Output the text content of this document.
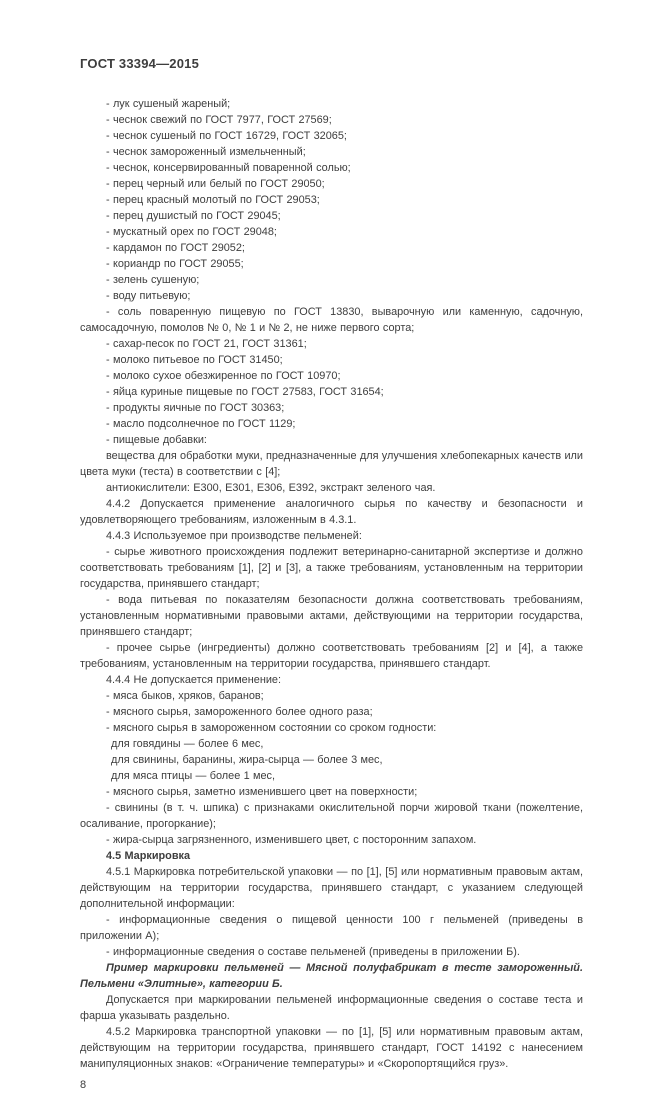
ГОСТ 33394—2015

- лук сушеный жареный;

- чеснок свежий по ГОСТ 7977, ГОСТ 27569;

- чеснок сушеный по ГОСТ 16729, ГОСТ 32065;

- чеснок замороженный измельченный;

- чеснок, консервированный поваренной солью;

- перец черный или белый по ГОСТ 29050;

- перец красный молотый по ГОСТ 29053;

- перец душистый по ГОСТ 29045;

- мускатный орех по ГОСТ 29048;

- кардамон по ГОСТ 29052;

- кориандр по ГОСТ 29055;

- зелень сушеную;

- воду питьевую;

- соль поваренную пищевую по ГОСТ 13830, выварочную или каменную, садочную, самосадочную, помолов № 0, № 1 и № 2, не ниже первого сорта;

- сахар-песок по ГОСТ 21, ГОСТ 31361;

- молоко питьевое по ГОСТ 31450;

- молоко сухое обезжиренное по ГОСТ 10970;

- яйца куриные пищевые по ГОСТ 27583, ГОСТ 31654;

- продукты яичные по ГОСТ 30363;

- масло подсолнечное по ГОСТ 1129;

- пищевые добавки:

вещества для обработки муки, предназначенные для улучшения хлебопекарных качеств или цвета муки (теста) в соответствии с [4];

антиокислители: Е300, Е301, Е306, Е392, экстракт зеленого чая.

4.4.2 Допускается применение аналогичного сырья по качеству и безопасности и удовлетворяющего требованиям, изложенным в 4.3.1.

4.4.3 Используемое при производстве пельменей:

- сырье животного происхождения подлежит ветеринарно-санитарной экспертизе и должно соответствовать требованиям [1], [2] и [3], а также требованиям, установленным на территории государства, принявшего стандарт;

- вода питьевая по показателям безопасности должна соответствовать требованиям, установленным нормативными правовыми актами, действующими на территории государства, принявшего стандарт;

- прочее сырье (ингредиенты) должно соответствовать требованиям [2] и [4], а также требованиям, установленным на территории государства, принявшего стандарт.

4.4.4 Не допускается применение:

- мяса быков, хряков, баранов;

- мясного сырья, замороженного более одного раза;

- мясного сырья в замороженном состоянии со сроком годности:

для говядины — более 6 мес,

для свинины, баранины, жира-сырца — более 3 мес,

для мяса птицы — более 1 мес,

- мясного сырья, заметно изменившего цвет на поверхности;

- свинины (в т. ч. шпика) с признаками окислительной порчи жировой ткани (пожелтение, осаливание, прогоркание);

- жира-сырца загрязненного, изменившего цвет, с посторонним запахом.

4.5 Маркировка

4.5.1 Маркировка потребительской упаковки — по [1], [5] или нормативным правовым актам, действующим на территории государства, принявшего стандарт, с указанием следующей дополнительной информации:

- информационные сведения о пищевой ценности 100 г пельменей (приведены в приложении А);

- информационные сведения о составе пельменей (приведены в приложении Б).

Пример маркировки пельменей — Мясной полуфабрикат в тесте замороженный. Пельмени «Элитные», категории Б.

Допускается при маркировании пельменей информационные сведения о составе теста и фарша указывать раздельно.

4.5.2 Маркировка транспортной упаковки — по [1], [5] или нормативным правовым актам, действующим на территории государства, принявшего стандарт, ГОСТ 14192 с нанесением манипуляционных знаков: «Ограничение температуры» и «Скоропортящийся груз».

8
